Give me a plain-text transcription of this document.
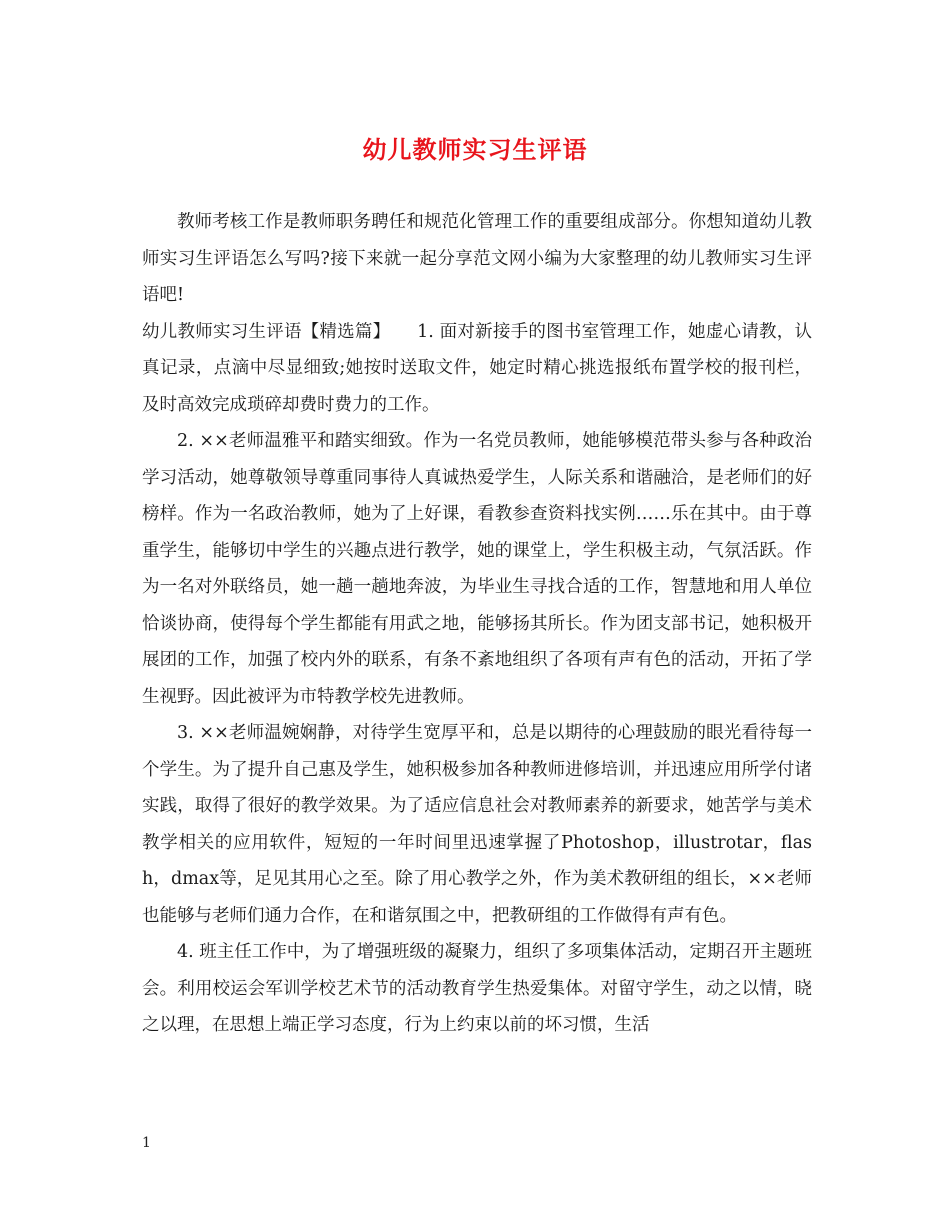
幼儿教师实习生评语

教师考核工作是教师职务聘任和规范化管理工作的重要组成部分。你想知道幼儿教师实习生评语怎么写吗?接下来就一起分享范文网小编为大家整理的幼儿教师实习生评语吧!

幼儿教师实习生评语【精选篇】　　1. 面对新接手的图书室管理工作，她虚心请教，认真记录，点滴中尽显细致;她按时送取文件，她定时精心挑选报纸布置学校的报刊栏，及时高效完成琐碎却费时费力的工作。

2. ××老师温雅平和踏实细致。作为一名党员教师，她能够模范带头参与各种政治学习活动，她尊敬领导尊重同事待人真诚热爱学生，人际关系和谐融洽，是老师们的好榜样。作为一名政治教师，她为了上好课，看教参查资料找实例……乐在其中。由于尊重学生，能够切中学生的兴趣点进行教学，她的课堂上，学生积极主动，气氛活跃。作为一名对外联络员，她一趟一趟地奔波，为毕业生寻找合适的工作，智慧地和用人单位恰谈协商，使得每个学生都能有用武之地，能够扬其所长。作为团支部书记，她积极开展团的工作，加强了校内外的联系，有条不紊地组织了各项有声有色的活动，开拓了学生视野。因此被评为市特教学校先进教师。

3. ××老师温婉娴静，对待学生宽厚平和，总是以期待的心理鼓励的眼光看待每一个学生。为了提升自己惠及学生，她积极参加各种教师进修培训，并迅速应用所学付诸实践，取得了很好的教学效果。为了适应信息社会对教师素养的新要求，她苦学与美术教学相关的应用软件，短短的一年时间里迅速掌握了Photoshop，illustrotar，flash，dmax等，足见其用心之至。除了用心教学之外，作为美术教研组的组长，××老师也能够与老师们通力合作，在和谐氛围之中，把教研组的工作做得有声有色。

4. 班主任工作中，为了增强班级的凝聚力，组织了多项集体活动，定期召开主题班会。利用校运会军训学校艺术节的活动教育学生热爱集体。对留守学生，动之以情，晓之以理，在思想上端正学习态度，行为上约束以前的坏习惯，生活

1
